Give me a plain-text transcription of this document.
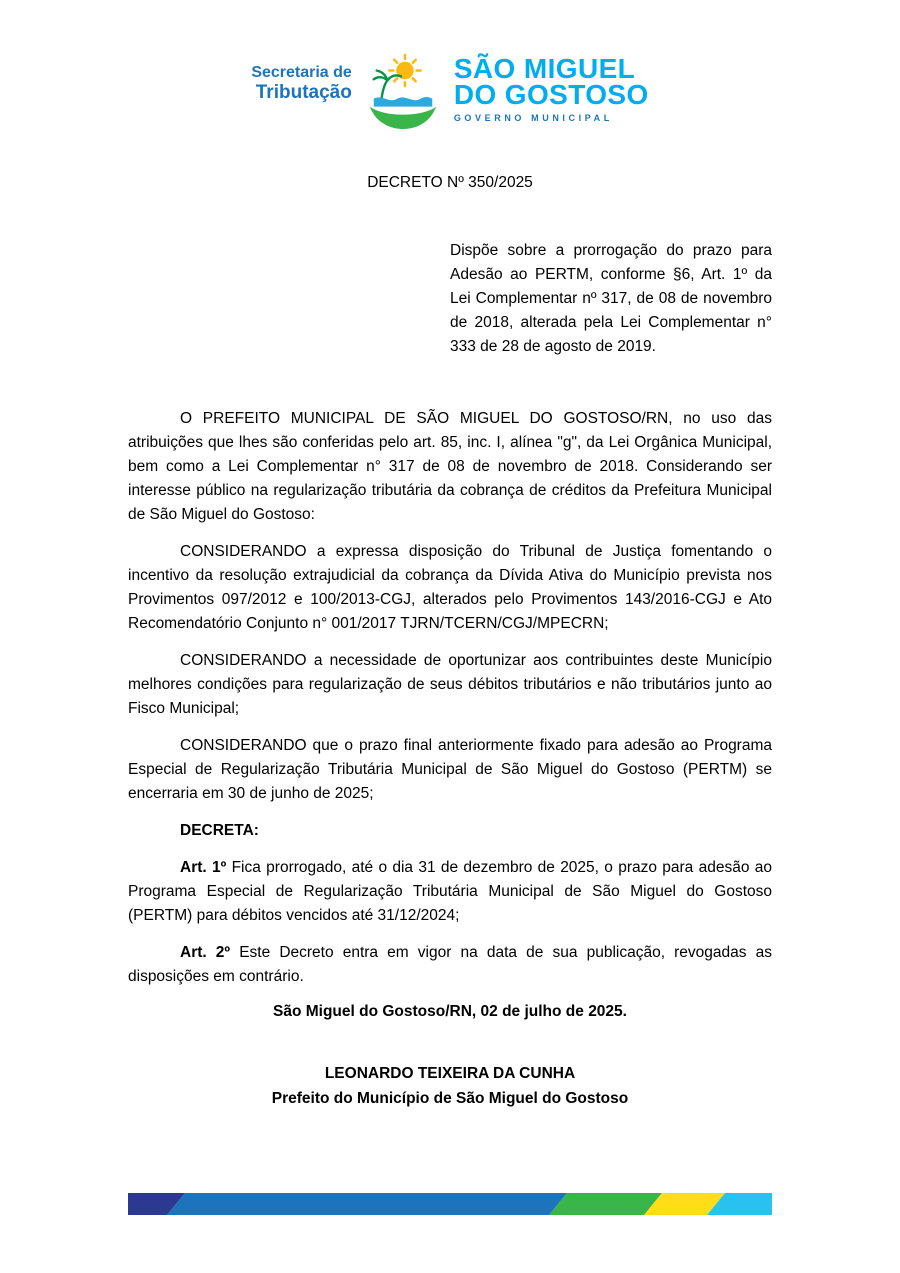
Secretaria de
Tributação
SÃO MIGUEL
DO GOSTOSO
GOVERNO MUNICIPAL
DECRETO Nº 350/2025

Dispõe sobre a prorrogação do prazo para Adesão ao PERTM, conforme §6, Art. 1º da Lei Complementar nº 317, de 08 de novembro de 2018, alterada pela Lei Complementar n° 333 de 28 de agosto de 2019.

O PREFEITO MUNICIPAL DE SÃO MIGUEL DO GOSTOSO/RN, no uso das atribuições que lhes são conferidas pelo art. 85, inc. I, alínea "g", da Lei Orgânica Municipal, bem como a Lei Complementar n° 317 de 08 de novembro de 2018. Considerando ser interesse público na regularização tributária da cobrança de créditos da Prefeitura Municipal de São Miguel do Gostoso:

CONSIDERANDO a expressa disposição do Tribunal de Justiça fomentando o incentivo da resolução extrajudicial da cobrança da Dívida Ativa do Município prevista nos Provimentos 097/2012 e 100/2013-CGJ, alterados pelo Provimentos 143/2016-CGJ e Ato Recomendatório Conjunto n° 001/2017 TJRN/TCERN/CGJ/MPECRN;

CONSIDERANDO a necessidade de oportunizar aos contribuintes deste Município melhores condições para regularização de seus débitos tributários e não tributários junto ao Fisco Municipal;

CONSIDERANDO que o prazo final anteriormente fixado para adesão ao Programa Especial de Regularização Tributária Municipal de São Miguel do Gostoso (PERTM) se encerraria em 30 de junho de 2025;

DECRETA:

Art. 1º Fica prorrogado, até o dia 31 de dezembro de 2025, o prazo para adesão ao Programa Especial de Regularização Tributária Municipal de São Miguel do Gostoso (PERTM) para débitos vencidos até 31/12/2024;

Art. 2º Este Decreto entra em vigor na data de sua publicação, revogadas as disposições em contrário.

São Miguel do Gostoso/RN, 02 de julho de 2025.
LEONARDO TEIXEIRA DA CUNHA
Prefeito do Município de São Miguel do Gostoso
